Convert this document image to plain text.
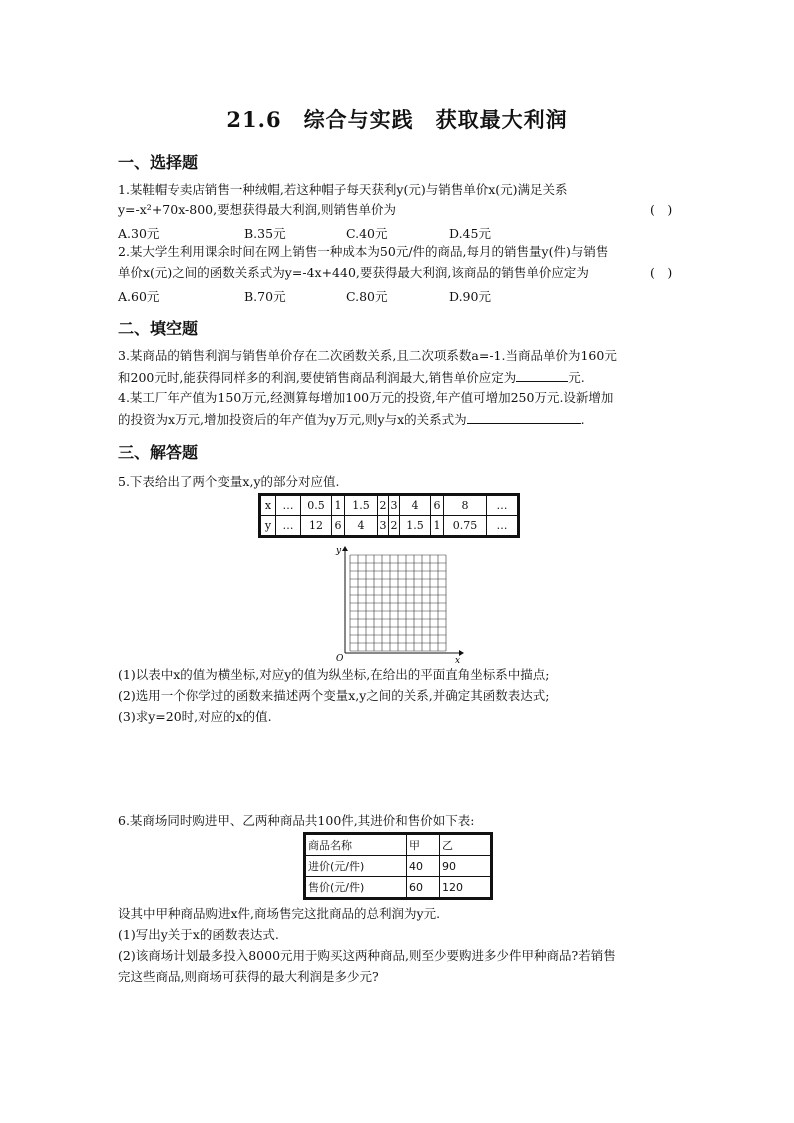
21.6　综合与实践　获取最大利润
一、选择题
1.某鞋帽专卖店销售一种绒帽,若这种帽子每天获利y(元)与销售单价x(元)满足关系
y=-x²+70x-800,要想获得最大利润,则销售单价为	(　)
A.30元	B.35元	C.40元	D.45元
2.某大学生利用课余时间在网上销售一种成本为50元/件的商品,每月的销售量y(件)与销售
单价x(元)之间的函数关系式为y=-4x+440,要获得最大利润,该商品的销售单价应定为	(　)
A.60元	B.70元	C.80元	D.90元
二、填空题
3.某商品的销售利润与销售单价存在二次函数关系,且二次项系数a=-1.当商品单价为160元
和200元时,能获得同样多的利润,要使销售商品利润最大,销售单价应定为	元.
4.某工厂年产值为150万元,经测算每增加100万元的投资,年产值可增加250万元.设新增加
的投资为x万元,增加投资后的年产值为y万元,则y与x的关系式为	.
三、解答题
5.下表给出了两个变量x,y的部分对应值.
x	…	0.5	1	1.5	2	3	4	6	8	…
y	…	12	6	4	3	2	1.5	1	0.75	…
y
x
O
(1)以表中x的值为横坐标,对应y的值为纵坐标,在给出的平面直角坐标系中描点;
(2)选用一个你学过的函数来描述两个变量x,y之间的关系,并确定其函数表达式;
(3)求y=20时,对应的x的值.
6.某商场同时购进甲、乙两种商品共100件,其进价和售价如下表:
商品名称	甲	乙
进价(元/件)	40	90
售价(元/件)	60	120
设其中甲种商品购进x件,商场售完这批商品的总利润为y元.
(1)写出y关于x的函数表达式.
(2)该商场计划最多投入8000元用于购买这两种商品,则至少要购进多少件甲种商品?若销售
完这些商品,则商场可获得的最大利润是多少元?
